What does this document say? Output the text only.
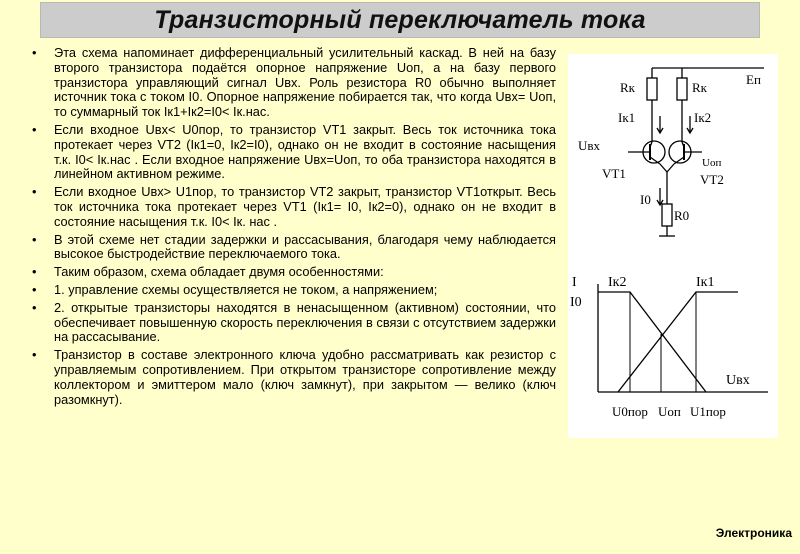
Транзисторный переключатель тока
• Эта схема напоминает дифференциальный усилительный каскад. В ней на базу второго транзистора подаётся опорное напряжение Uоп, а на базу первого транзистора управляющий сигнал Uвх. Роль резистора R0 обычно выполняет источник тока с током I0. Опорное напряжение побирается так, что когда Uвх= Uоп, то суммарный ток Iк1+Iк2=I0< Iк.нас.
• Если входное Uвх< U0пор, то транзистор VT1 закрыт. Весь ток источника тока протекает через VT2 (Iк1=0, Iк2=I0), однако он не входит в состояние насыщения т.к. I0< Iк.нас . Если входное напряжение Uвх=Uоп, то оба транзистора находятся в линейном активном режиме.
• Если входное Uвх> U1пор, то транзистор VT2 закрыт, транзистор VT1открыт. Весь ток источника тока протекает через VT1 (Iк1= I0, Iк2=0), однако он не входит в состояние насыщения т.к. I0< Iк. нас .
• В этой схеме нет стадии задержки и рассасывания, благодаря чему наблюдается высокое быстродействие переключаемого тока.
• Таким образом, схема обладает двумя особенностями:
• 1. управление схемы осуществляется не током, а напряжением;
• 2. открытые транзисторы находятся в ненасыщенном (активном) состоянии, что обеспечивает повышенную скорость переключения в связи с отсутствием задержки на рассасывание.
• Транзистор в составе электронного ключа удобно рассматривать как резистор с управляемым сопротивлением. При открытом транзисторе сопротивление между коллектором и эмиттером мало (ключ замкнут), при закрытом — велико (ключ разомкнут).
Rк	Rк
Eп
Iк1	Iк2
Uвх
Uоп
VT1	VT2
I0
R0
I
I0
Iк2	Iк1
Uвх
U0пор Uоп U1пор
Электроника
